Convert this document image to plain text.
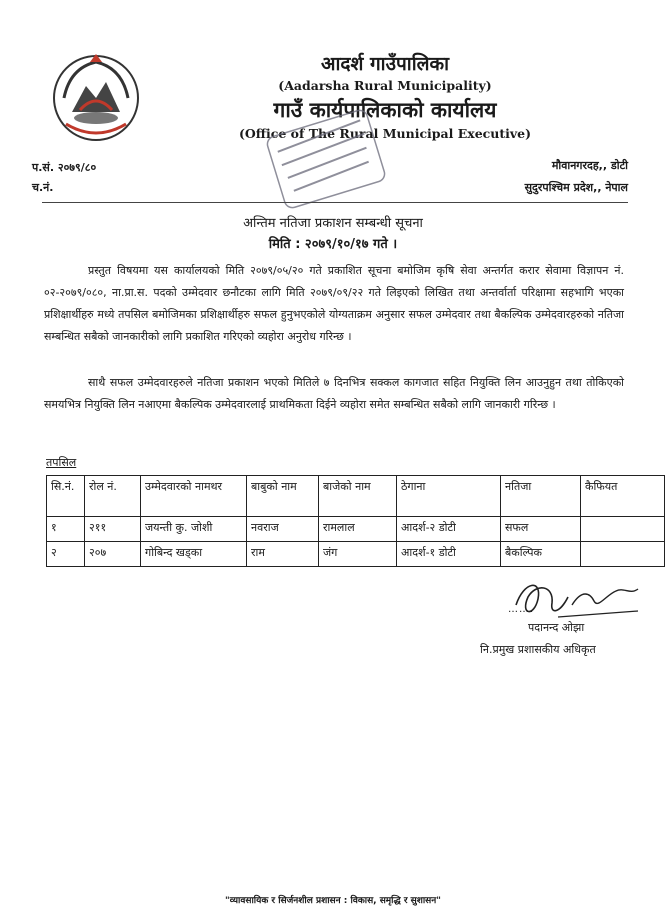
आदर्श गाउँपालिका
(Aadarsha Rural Municipality)
गाउँ कार्यपालिकाको कार्यालय
(Office of The Rural Municipal Executive)
प.सं. २०७९/८०
च.नं.
मौवानगरदह,, डोटी
सुदुरपश्चिम प्रदेश,, नेपाल
अन्तिम नतिजा प्रकाशन सम्बन्धी सूचना
मिति : २०७९/१०/१७ गते ।
प्रस्तुत विषयमा यस कार्यालयको मिति २०७९/०५/२० गते प्रकाशित सूचना बमोजिम कृषि सेवा अन्तर्गत करार सेवामा विज्ञापन नं. ०२-२०७९/०८०, ना.प्रा.स. पदको उम्मेदवार छनौटका लागि मिति २०७९/०९/२२ गते लिइएको लिखित तथा अन्तर्वार्ता परिक्षामा सहभागि भएका प्रशिक्षार्थीहरु मध्ये तपसिल बमोजिमका प्रशिक्षार्थीहरु सफल हुनुभएकोले योग्यताक्रम अनुसार सफल उम्मेदवार तथा बैकल्पिक उम्मेदवारहरुको नतिजा सम्बन्धित सबैको जानकारीको लागि प्रकाशित गरिएको व्यहोरा अनुरोध गरिन्छ ।
साथै सफल उम्मेदवारहरुले नतिजा प्रकाशन भएको मितिले ७ दिनभित्र सक्कल कागजात सहित नियुक्ति लिन आउनुहुन तथा तोकिएको समयभित्र नियुक्ति लिन नआएमा बैकल्पिक उम्मेदवारलाई प्राथमिकता दिईने व्यहोरा समेत सम्बन्धित सबैको लागि जानकारी गरिन्छ ।
तपसिल
सि.नं.	रोल नं.	उम्मेदवारको नामथर	बाबुको नाम	बाजेको नाम	ठेगाना	नतिजा	कैफियत
१	२११	जयन्ती कु. जोशी	नवराज	रामलाल	आदर्श-२ डोटी	सफल	
२	२०७	गोबिन्द खड्का	राम	जंग	आदर्श-१ डोटी	बैकल्पिक	
…….
पदानन्द ओझा
नि.प्रमुख प्रशासकीय अधिकृत
"व्यावसायिक र सिर्जनशील प्रशासन : विकास, समृद्धि र सुशासन"
